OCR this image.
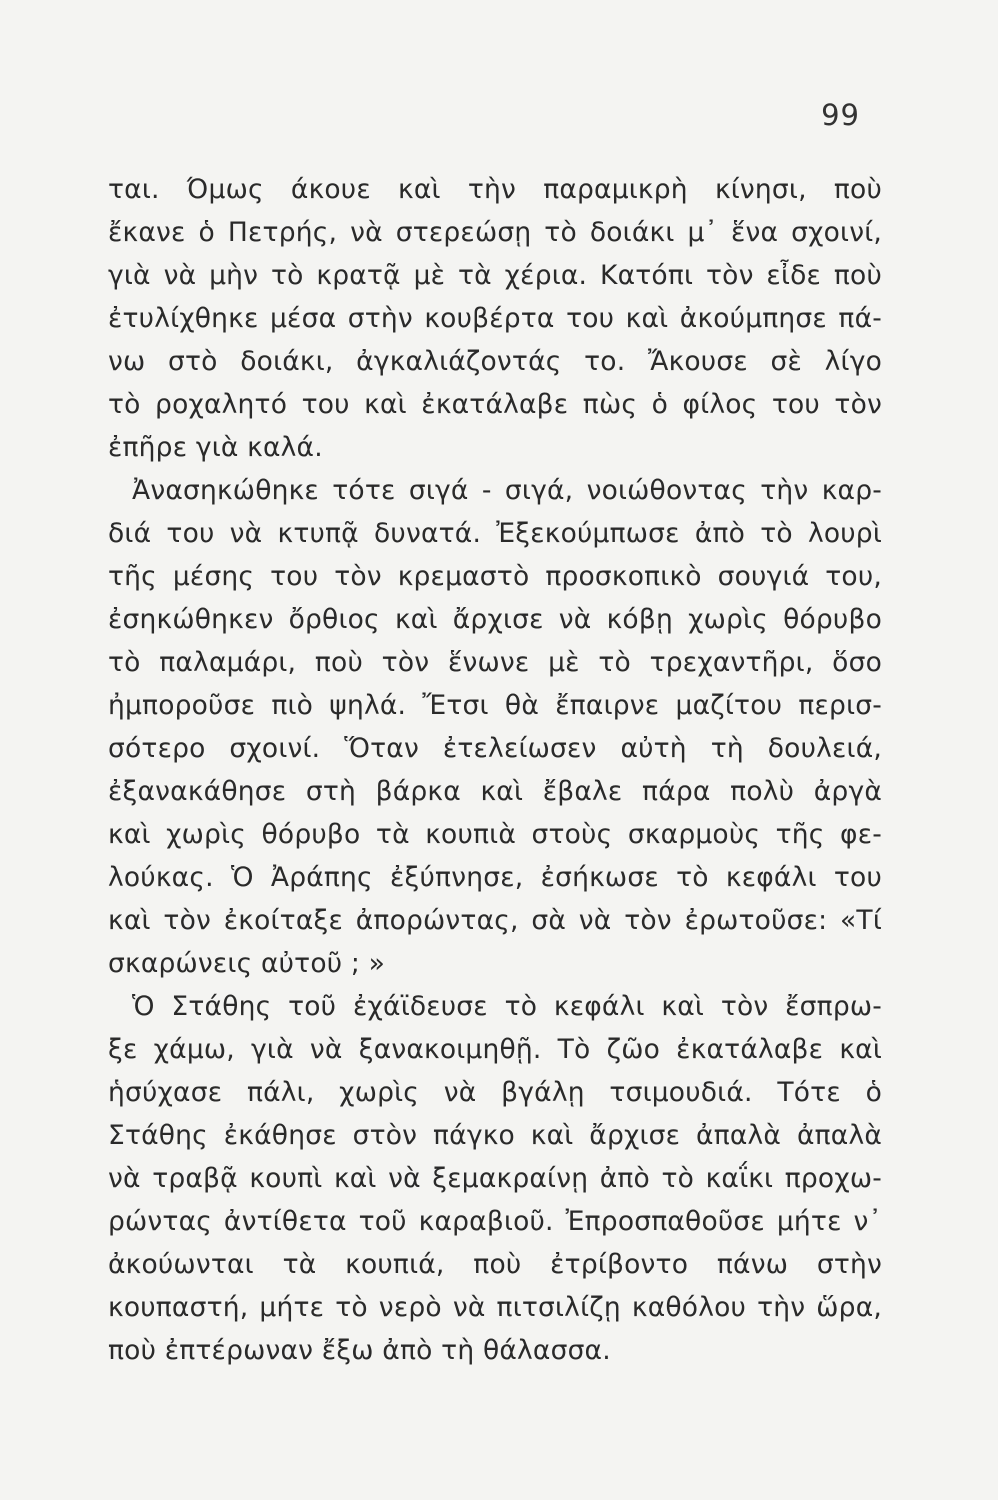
99
ται. Όμως άκουε καὶ τὴν παραμικρὴ κίνησι, ποὺ
ἔκανε ὁ Πετρής, νὰ στερεώσῃ τὸ δοιάκι μ᾿ ἕνα σχοινί,
γιὰ νὰ μὴν τὸ κρατᾷ μὲ τὰ χέρια. Κατόπι τὸν εἶδε ποὺ
ἐτυλίχθηκε μέσα στὴν κουβέρτα του καὶ ἀκούμπησε πά-
νω στὸ δοιάκι, ἀγκαλιάζοντάς το. Ἄκουσε σὲ λίγο
τὸ ροχαλητό του καὶ ἐκατάλαβε πὼς ὁ φίλος του τὸν
ἐπῆρε γιὰ καλά.
Ἀνασηκώθηκε τότε σιγά - σιγά, νοιώθοντας τὴν καρ-
διά του νὰ κτυπᾷ δυνατά. Ἐξεκούμπωσε ἀπὸ τὸ λουρὶ
τῆς μέσης του τὸν κρεμαστὸ προσκοπικὸ σουγιά του,
ἐσηκώθηκεν ὄρθιος καὶ ἄρχισε νὰ κόβῃ χωρὶς θόρυβο
τὸ παλαμάρι, ποὺ τὸν ἕνωνε μὲ τὸ τρεχαντῆρι, ὅσο
ἠμποροῦσε πιὸ ψηλά. Ἔτσι θὰ ἔπαιρνε μαζίτου περισ-
σότερο σχοινί. Ὅταν ἐτελείωσεν αὐτὴ τὴ δουλειά,
ἐξανακάθησε στὴ βάρκα καὶ ἔβαλε πάρα πολὺ ἀργὰ
καὶ χωρὶς θόρυβο τὰ κουπιὰ στοὺς σκαρμοὺς τῆς φε-
λούκας. Ὁ Ἀράπης ἐξύπνησε, ἐσήκωσε τὸ κεφάλι του
καὶ τὸν ἐκοίταξε ἀπορώντας, σὰ νὰ τὸν ἐρωτοῦσε: «Τί
σκαρώνεις αὐτοῦ ; »
Ὁ Στάθης τοῦ ἐχάϊδευσε τὸ κεφάλι καὶ τὸν ἔσπρω-
ξε χάμω, γιὰ νὰ ξανακοιμηθῇ. Τὸ ζῶο ἐκατάλαβε καὶ
ἡσύχασε πάλι, χωρὶς νὰ βγάλῃ τσιμουδιά. Τότε ὁ
Στάθης ἐκάθησε στὸν πάγκο καὶ ἄρχισε ἀπαλὰ ἀπαλὰ
νὰ τραβᾷ κουπὶ καὶ νὰ ξεμακραίνῃ ἀπὸ τὸ καΐκι προχω-
ρώντας ἀντίθετα τοῦ καραβιοῦ. Ἐπροσπαθοῦσε μήτε ν᾿
ἀκούωνται τὰ κουπιά, ποὺ ἐτρίβοντο πάνω στὴν
κουπαστή, μήτε τὸ νερὸ νὰ πιτσιλίζῃ καθόλου τὴν ὥρα,
ποὺ ἐπτέρωναν ἔξω ἀπὸ τὴ θάλασσα.
